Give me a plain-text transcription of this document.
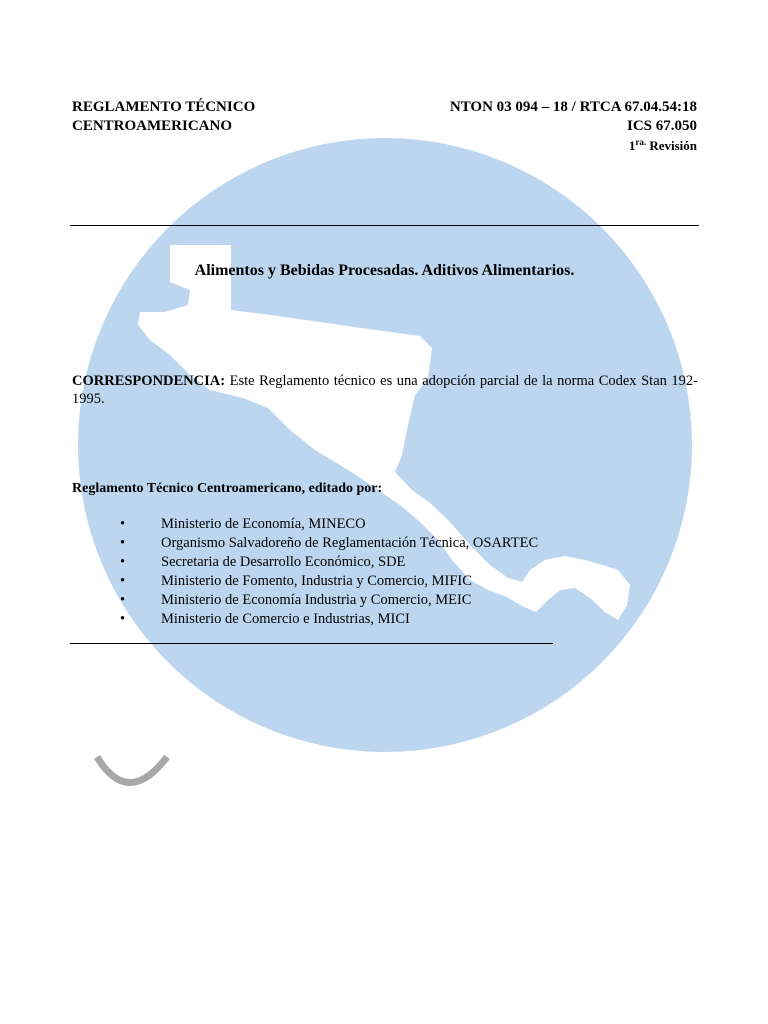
REGLAMENTO TÉCNICO
CENTROAMERICANO
NTON 03 094 – 18 / RTCA 67.04.54:18
ICS 67.050
$1^{ra.}$ Revisión
Alimentos y Bebidas Procesadas. Aditivos Alimentarios.
CORRESPONDENCIA: Este Reglamento técnico es una adopción parcial de la norma Codex Stan 192-1995.
Reglamento Técnico Centroamericano, editado por:
• Ministerio de Economía, MINECO
• Organismo Salvadoreño de Reglamentación Técnica, OSARTEC
• Secretaria de Desarrollo Económico, SDE
• Ministerio de Fomento, Industria y Comercio, MIFIC
• Ministerio de Economía Industria y Comercio, MEIC
• Ministerio de Comercio e Industrias, MICI
